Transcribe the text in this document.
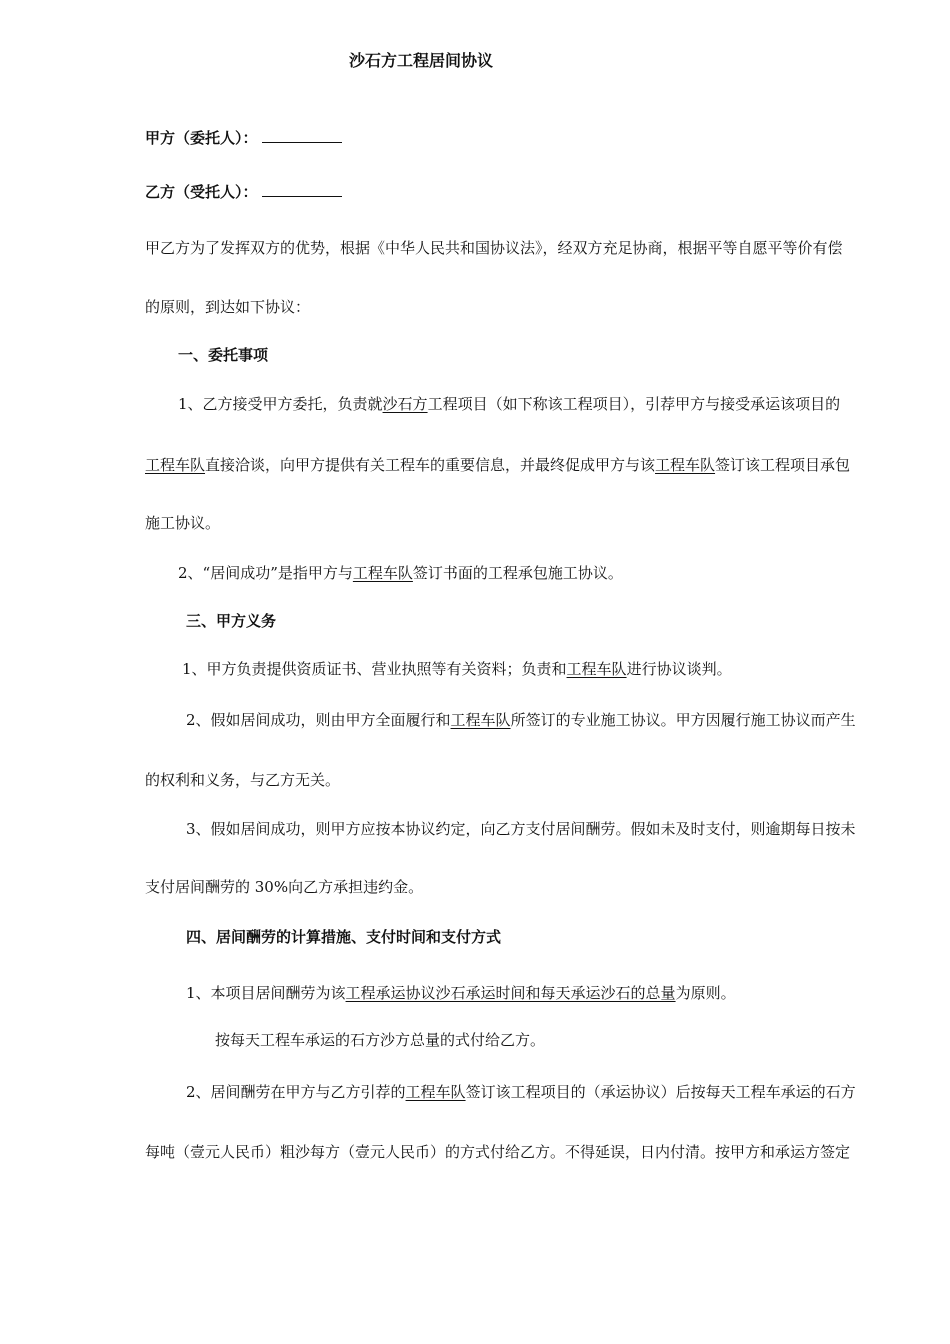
沙石方工程居间协议
甲方（委托人）：
乙方（受托人）：
甲乙方为了发挥双方的优势，根据《中华人民共和国协议法》，经双方充足协商，根据平等自愿平等价有偿
的原则，到达如下协议：
一、委托事项
1、乙方接受甲方委托，负责就沙石方工程项目（如下称该工程项目），引荐甲方与接受承运该项目的
工程车队直接洽谈，向甲方提供有关工程车的重要信息，并最终促成甲方与该工程车队签订该工程项目承包
施工协议。
2、“居间成功”是指甲方与工程车队签订书面的工程承包施工协议。
三、甲方义务
1、甲方负责提供资质证书、营业执照等有关资料；负责和工程车队进行协议谈判。
2、假如居间成功，则由甲方全面履行和工程车队所签订的专业施工协议。甲方因履行施工协议而产生
的权利和义务，与乙方无关。
3、假如居间成功，则甲方应按本协议约定，向乙方支付居间酬劳。假如未及时支付，则逾期每日按未
支付居间酬劳的 30%向乙方承担违约金。
四、居间酬劳的计算措施、支付时间和支付方式
1、本项目居间酬劳为该工程承运协议沙石承运时间和每天承运沙石的总量为原则。
按每天工程车承运的石方沙方总量的式付给乙方。
2、居间酬劳在甲方与乙方引荐的工程车队签订该工程项目的（承运协议）后按每天工程车承运的石方
每吨（壹元人民币）粗沙每方（壹元人民币）的方式付给乙方。不得延误，日内付清。按甲方和承运方签定
